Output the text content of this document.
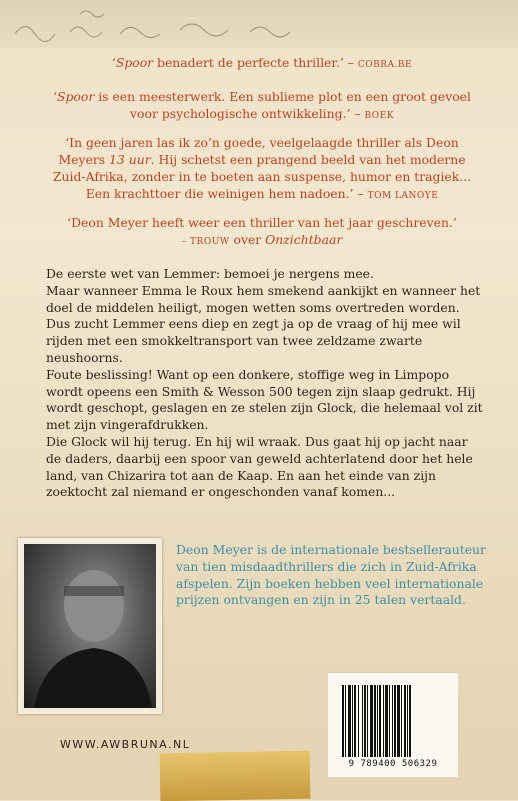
‘Spoor benadert de perfecte thriller.’ – COBRA.BE
‘Spoor is een meesterwerk. Een sublieme plot en een groot gevoel voor psychologische ontwikkeling.’ – BOEK
‘In geen jaren las ik zo’n goede, veelgelaagde thriller als Deon Meyers 13 uur. Hij schetst een prangend beeld van het moderne Zuid-Afrika, zonder in te boeten aan suspense, humor en tragiek... Een krachttoer die weinigen hem nadoen.’ – TOM LANOYE
‘Deon Meyer heeft weer een thriller van het jaar geschreven.’
– TROUW over Onzichtbaar

De eerste wet van Lemmer: bemoei je nergens mee.

Maar wanneer Emma le Roux hem smekend aankijkt en wanneer het doel de middelen heiligt, mogen wetten soms overtreden worden. Dus zucht Lemmer eens diep en zegt ja op de vraag of hij mee wil rijden met een smokkeltransport van twee zeldzame zwarte neushoorns.

Foute beslissing! Want op een donkere, stoffige weg in Limpopo wordt opeens een Smith & Wesson 500 tegen zijn slaap gedrukt. Hij wordt geschopt, geslagen en ze stelen zijn Glock, die helemaal vol zit met zijn vingerafdrukken.

Die Glock wil hij terug. En hij wil wraak. Dus gaat hij op jacht naar de daders, daarbij een spoor van geweld achterlatend door het hele land, van Chizarira tot aan de Kaap. En aan het einde van zijn zoektocht zal niemand er ongeschonden vanaf komen...

Deon Meyer is de internationale bestsellerauteur van tien misdaadthrillers die zich in Zuid-Afrika afspelen. Zijn boeken hebben veel internationale prijzen ontvangen en zijn in 25 talen vertaald.
WWW.AWBRUNA.NL
9 789400 506329
